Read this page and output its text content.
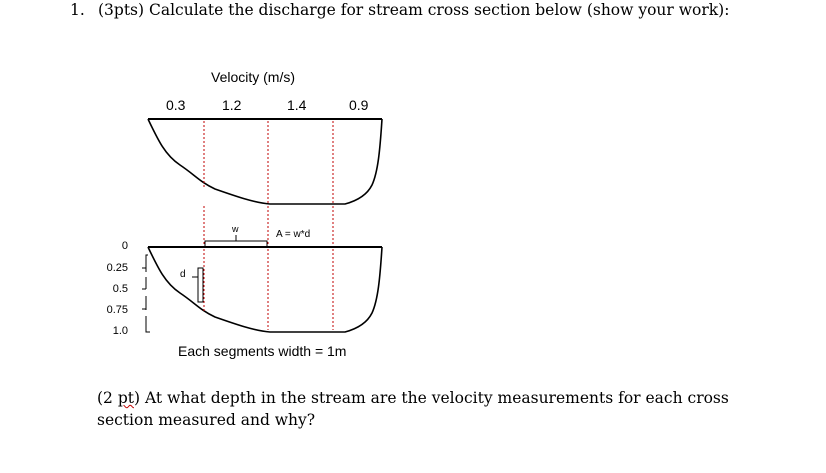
1. (3pts) Calculate the discharge for stream cross section below (show your work):
Velocity (m/s)
0.3	1.2	1.4	0.9
0
0.25
0.5
0.75
1.0
w	A = w*d
d
Each segments width = 1m
(2 pt) At what depth in the stream are the velocity measurements for each cross section measured and why?
